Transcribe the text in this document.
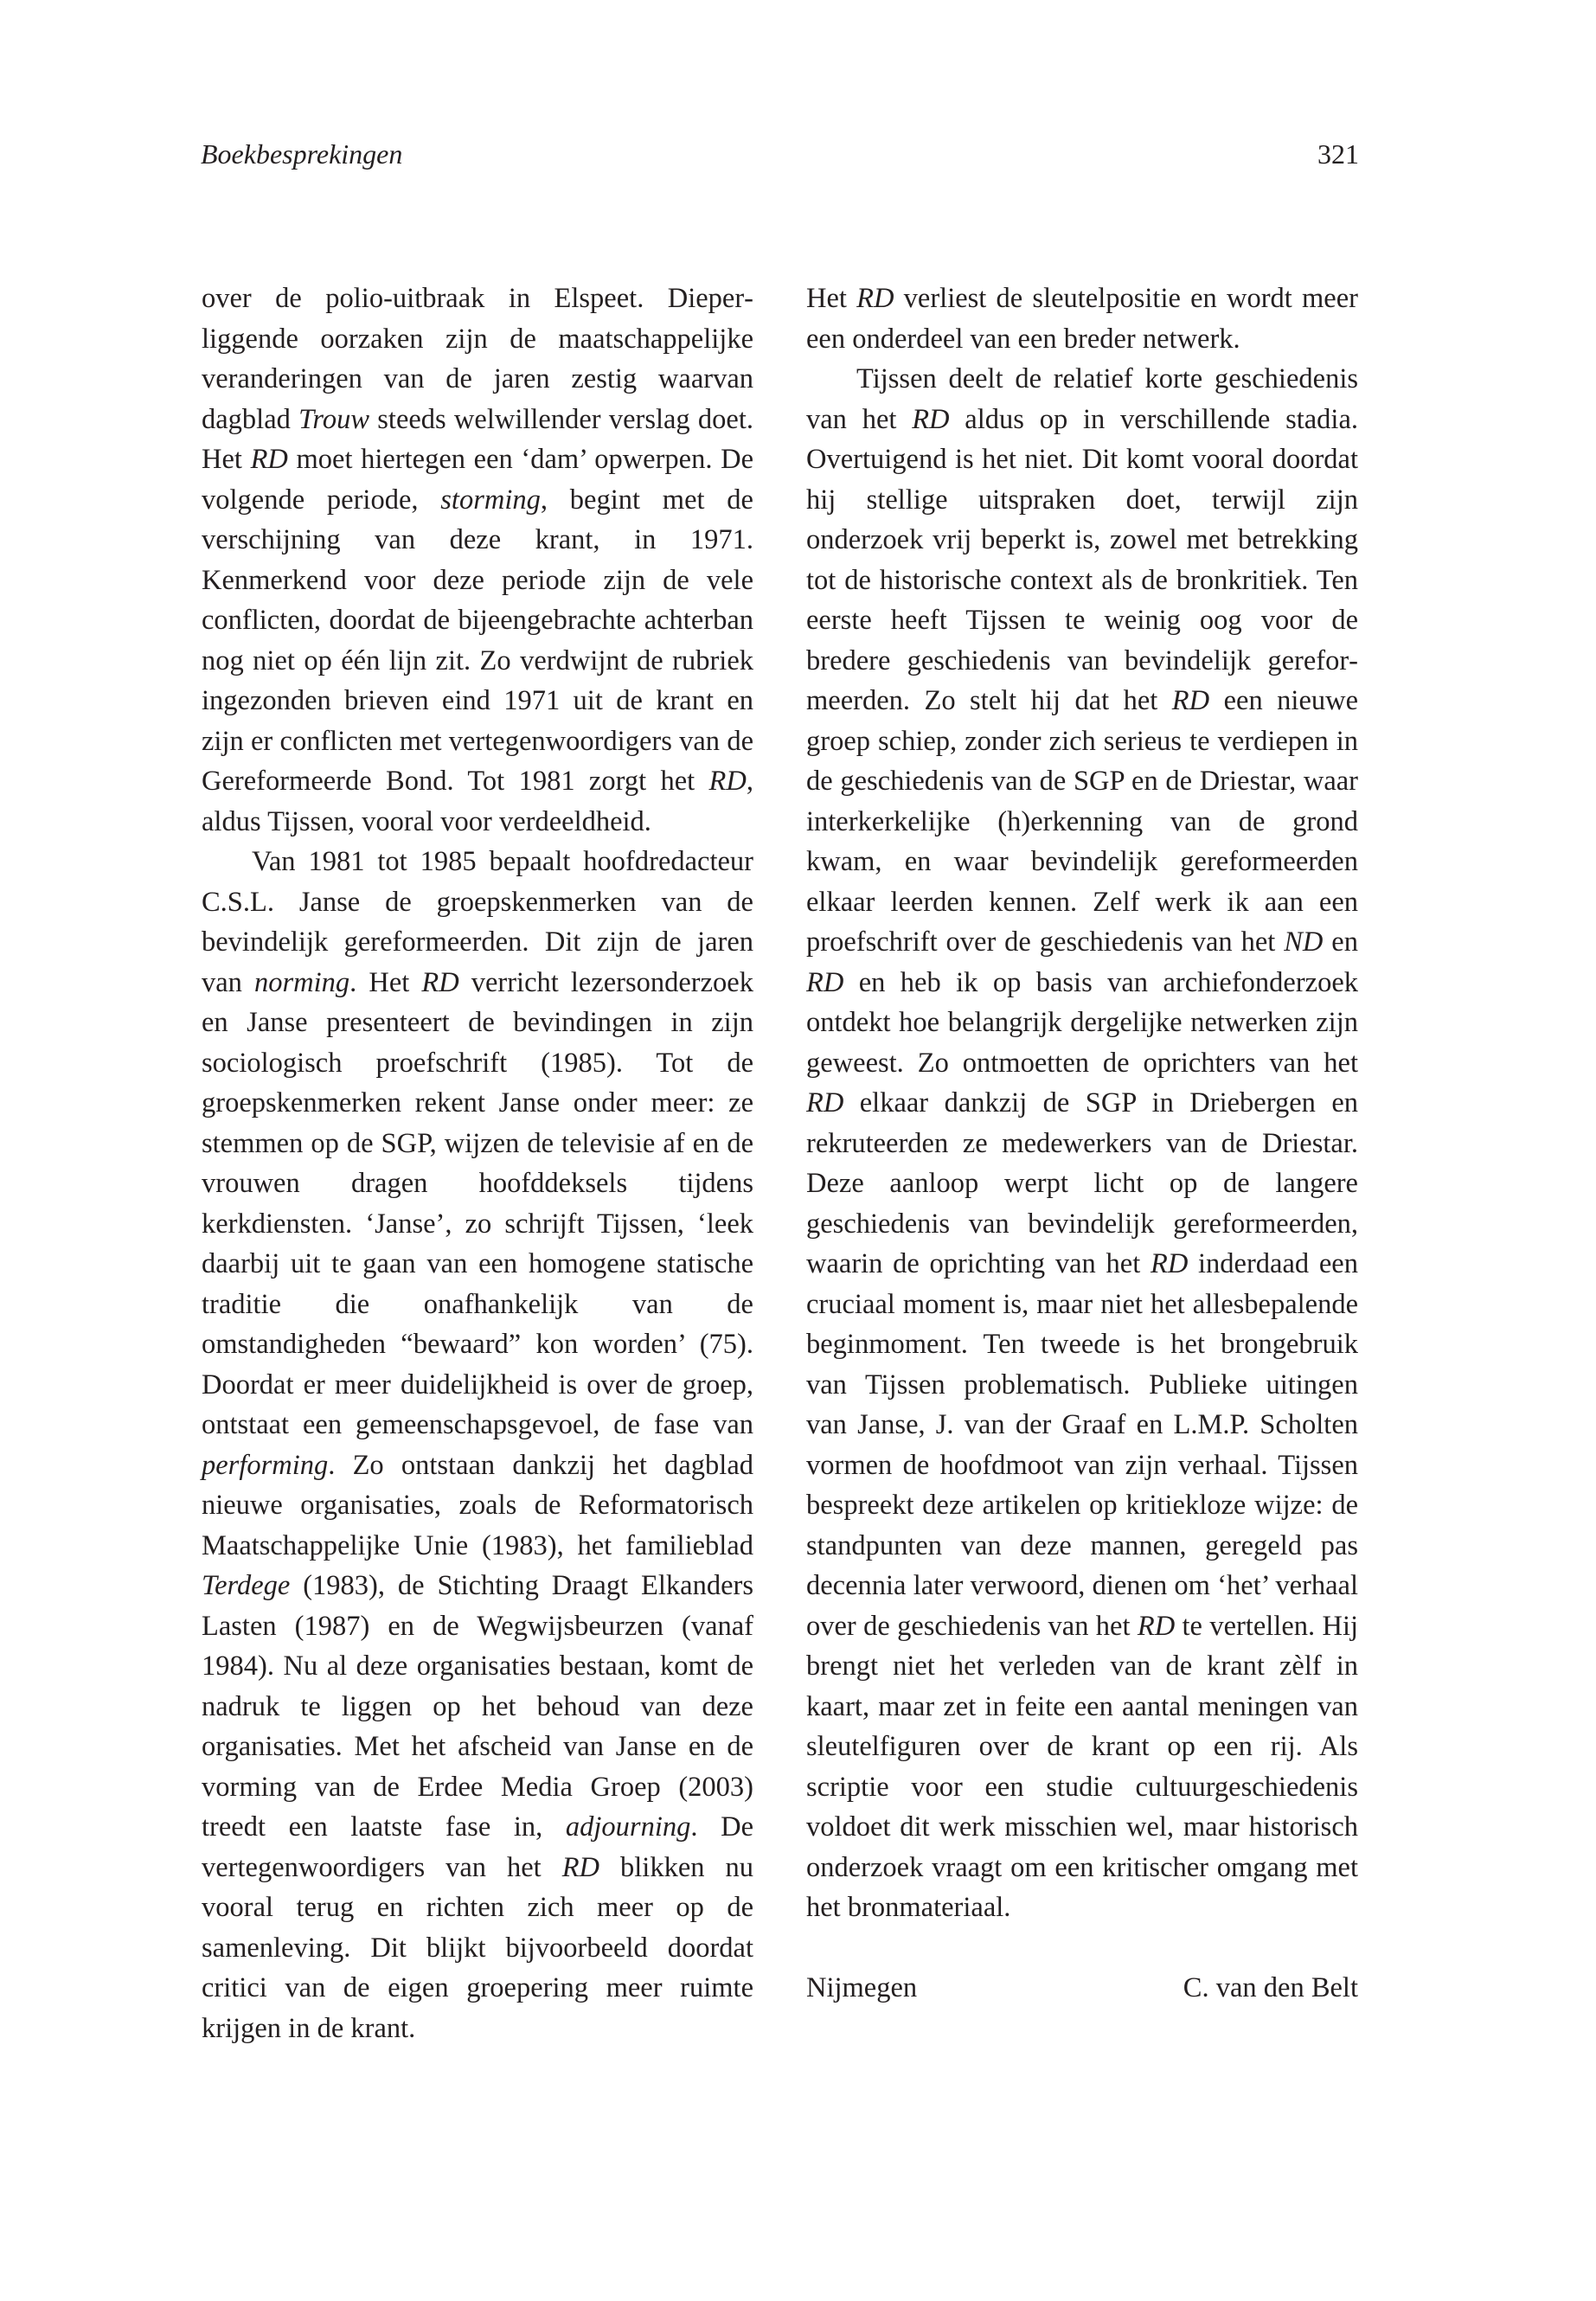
Boekbesprekingen	321

over de polio-uitbraak in Elspeet. Dieperliggende oorzaken zijn de maatschappelijke veranderingen van de jaren zestig waarvan dagblad Trouw steeds welwillender verslag doet. Het RD moet hiertegen een ‘dam’ opwerpen. De volgende periode, storming, begint met de verschijning van deze krant, in 1971. Kenmerkend voor deze periode zijn de vele conflicten, doordat de bijeengebrachte achterban nog niet op één lijn zit. Zo verdwijnt de rubriek ingezonden brieven eind 1971 uit de krant en zijn er conflicten met vertegenwoordigers van de Gereformeerde Bond. Tot 1981 zorgt het RD, aldus Tijssen, vooral voor verdeeldheid.

Van 1981 tot 1985 bepaalt hoofdredacteur C.S.L. Janse de groepskenmerken van de bevindelijk gereformeerden. Dit zijn de jaren van norming. Het RD verricht lezersonderzoek en Janse presenteert de bevindingen in zijn sociologisch proefschrift (1985). Tot de groepskenmerken rekent Janse onder meer: ze stemmen op de SGP, wijzen de televisie af en de vrouwen dragen hoofddeksels tijdens kerkdiensten. ‘Janse’, zo schrijft Tijssen, ‘leek daarbij uit te gaan van een homogene statische traditie die onafhankelijk van de omstandigheden “bewaard” kon worden’ (75). Doordat er meer duidelijkheid is over de groep, ontstaat een gemeenschapsgevoel, de fase van performing. Zo ontstaan dankzij het dagblad nieuwe organisaties, zoals de Reformatorisch Maatschappelijke Unie (1983), het familieblad Terdege (1983), de Stichting Draagt Elkanders Lasten (1987) en de Wegwijsbeurzen (vanaf 1984). Nu al deze organisaties bestaan, komt de nadruk te liggen op het behoud van deze organisaties. Met het afscheid van Janse en de vorming van de Erdee Media Groep (2003) treedt een laatste fase in, adjourning. De vertegenwoordigers van het RD blikken nu vooral terug en richten zich meer op de samenleving. Dit blijkt bijvoorbeeld doordat critici van de eigen groepering meer ruimte krijgen in de krant.

Het RD verliest de sleutelpositie en wordt meer een onderdeel van een breder netwerk.

Tijssen deelt de relatief korte geschiedenis van het RD aldus op in verschillende stadia. Overtuigend is het niet. Dit komt vooral doordat hij stellige uitspraken doet, terwijl zijn onderzoek vrij beperkt is, zowel met betrekking tot de historische context als de bronkritiek. Ten eerste heeft Tijssen te weinig oog voor de bredere geschiedenis van bevindelijk gereformeerden. Zo stelt hij dat het RD een nieuwe groep schiep, zonder zich serieus te verdiepen in de geschiedenis van de SGP en de Driestar, waar interkerkelijke (h)erkenning van de grond kwam, en waar bevindelijk gereformeerden elkaar leerden kennen. Zelf werk ik aan een proefschrift over de geschiedenis van het ND en RD en heb ik op basis van archiefonderzoek ontdekt hoe belangrijk dergelijke netwerken zijn geweest. Zo ontmoetten de oprichters van het RD elkaar dankzij de SGP in Driebergen en rekruteerden ze medewerkers van de Driestar. Deze aanloop werpt licht op de langere geschiedenis van bevindelijk gereformeerden, waarin de oprichting van het RD inderdaad een cruciaal moment is, maar niet het allesbepalende beginmoment. Ten tweede is het brongebruik van Tijssen problematisch. Publieke uitingen van Janse, J. van der Graaf en L.M.P. Scholten vormen de hoofdmoot van zijn verhaal. Tijssen bespreekt deze artikelen op kritiekloze wijze: de standpunten van deze mannen, geregeld pas decennia later verwoord, dienen om ‘het’ verhaal over de geschiedenis van het RD te vertellen. Hij brengt niet het verleden van de krant zèlf in kaart, maar zet in feite een aantal meningen van sleutelfiguren over de krant op een rij. Als scriptie voor een studie cultuurgeschiedenis voldoet dit werk misschien wel, maar historisch onderzoek vraagt om een kritischer omgang met het bronmateriaal.

Nijmegen	C. van den Belt
